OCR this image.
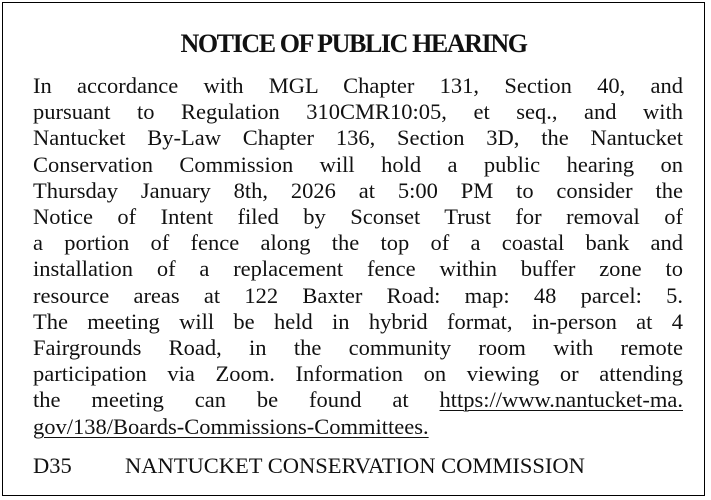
NOTICE OF PUBLIC HEARING
In accordance with MGL Chapter 131, Section 40, and
pursuant to Regulation 310CMR10:05, et seq., and with
Nantucket By-Law Chapter 136, Section 3D, the Nantucket
Conservation Commission will hold a public hearing on
Thursday January 8th, 2026 at 5:00 PM to consider the
Notice of Intent filed by Sconset Trust for removal of
a portion of fence along the top of a coastal bank and
installation of a replacement fence within buffer zone to
resource areas at 122 Baxter Road: map: 48 parcel: 5.
The meeting will be held in hybrid format, in-person at 4
Fairgrounds Road, in the community room with remote
participation via Zoom. Information on viewing or attending
the meeting can be found at https://www.nantucket-ma.
gov/138/Boards-Commissions-Committees.
D35 NANTUCKET CONSERVATION COMMISSION
